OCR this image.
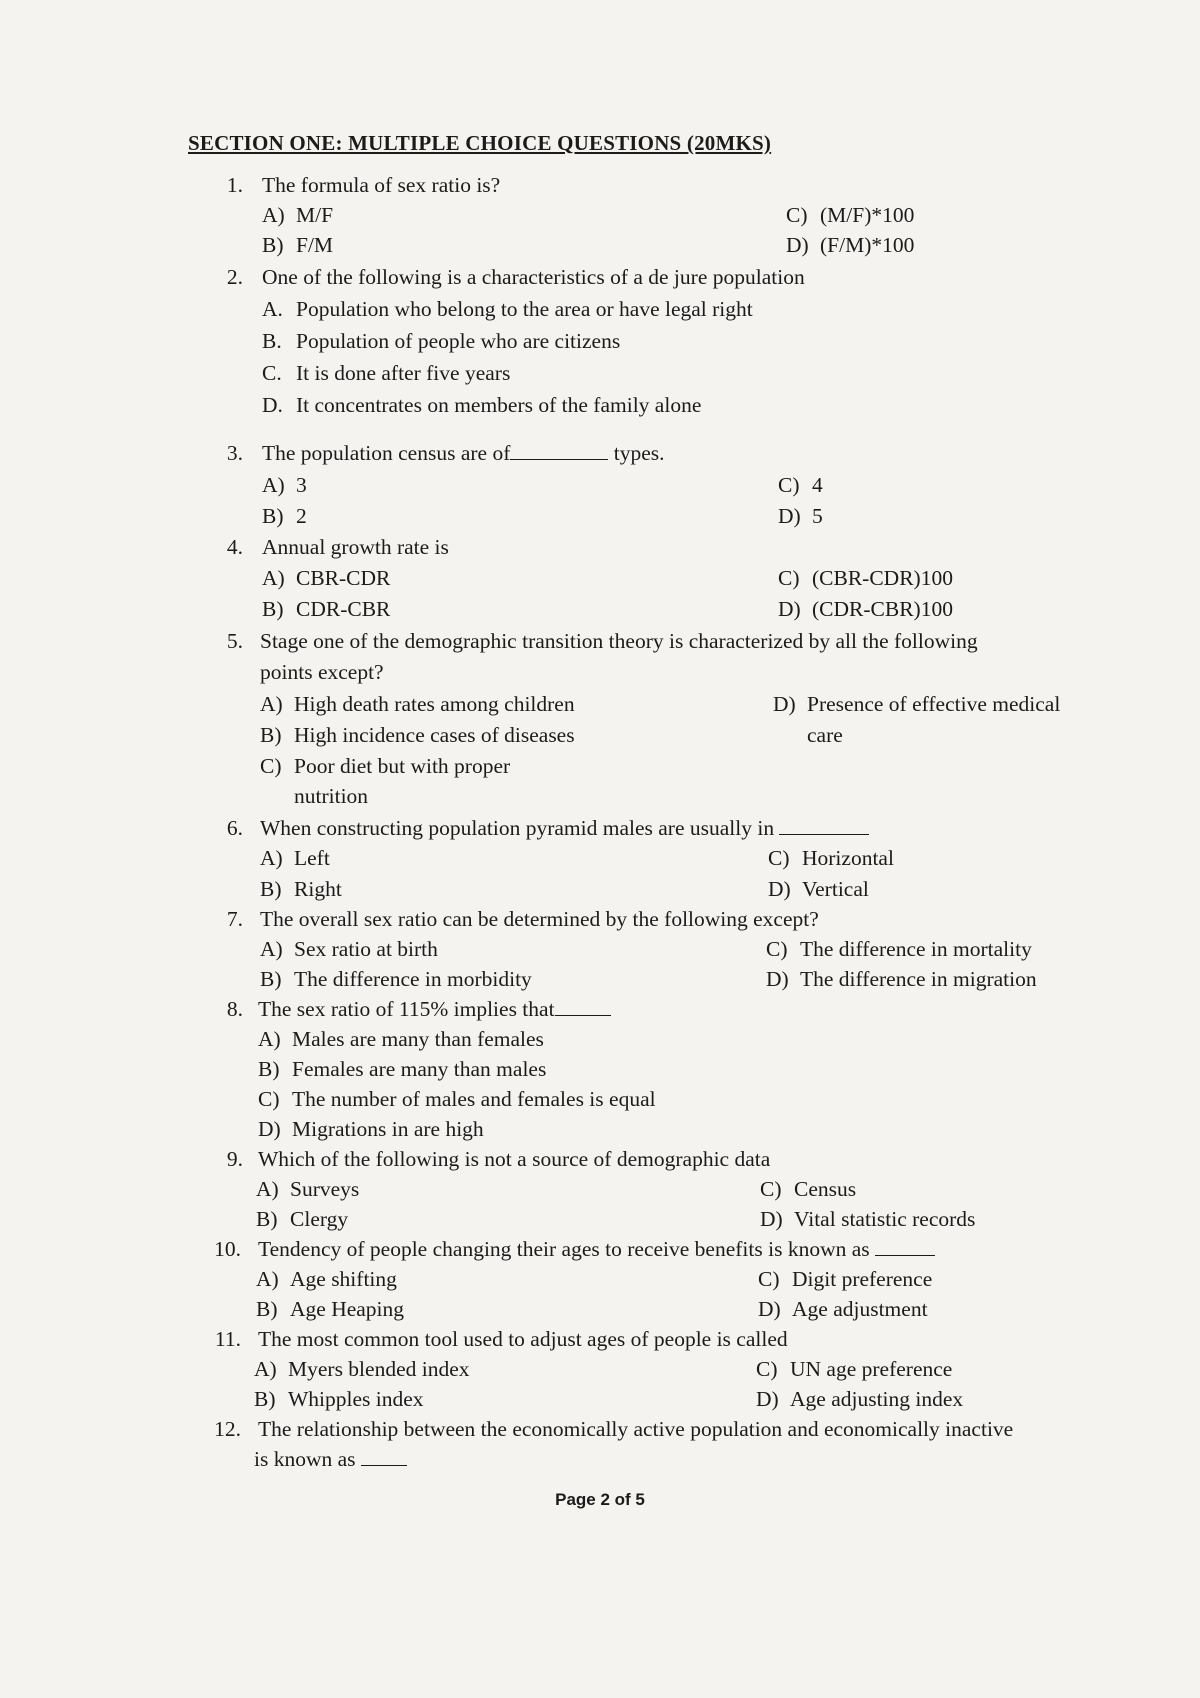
SECTION ONE: MULTIPLE CHOICE QUESTIONS (20MKS)
1. The formula of sex ratio is?
A) M/F
B) F/M
C) (M/F)*100
D) (F/M)*100
2. One of the following is a characteristics of a de jure population
A. Population who belong to the area or have legal right
B. Population of people who are citizens
C. It is done after five years
D. It concentrates on members of the family alone
3. The population census are of	types.
A) 3
B) 2
C) 4
D) 5
4. Annual growth rate is
A) CBR-CDR
B) CDR-CBR
C) (CBR-CDR)100
D) (CDR-CBR)100
5. Stage one of the demographic transition theory is characterized by all the following
points except?
A) High death rates among children
B) High incidence cases of diseases
C) Poor diet but with proper
nutrition
D) Presence of effective medical
care
6. When constructing population pyramid males are usually in
A) Left
B) Right
C) Horizontal
D) Vertical
7. The overall sex ratio can be determined by the following except?
A) Sex ratio at birth
B) The difference in morbidity
C) The difference in mortality
D) The difference in migration
8. The sex ratio of 115% implies that
A) Males are many than females
B) Females are many than males
C) The number of males and females is equal
D) Migrations in are high
9. Which of the following is not a source of demographic data
A) Surveys
B) Clergy
C) Census
D) Vital statistic records
10. Tendency of people changing their ages to receive benefits is known as
A) Age shifting
B) Age Heaping
C) Digit preference
D) Age adjustment
11. The most common tool used to adjust ages of people is called
A) Myers blended index
B) Whipples index
C) UN age preference
D) Age adjusting index
12. The relationship between the economically active population and economically inactive
is known as
Page 2 of 5
